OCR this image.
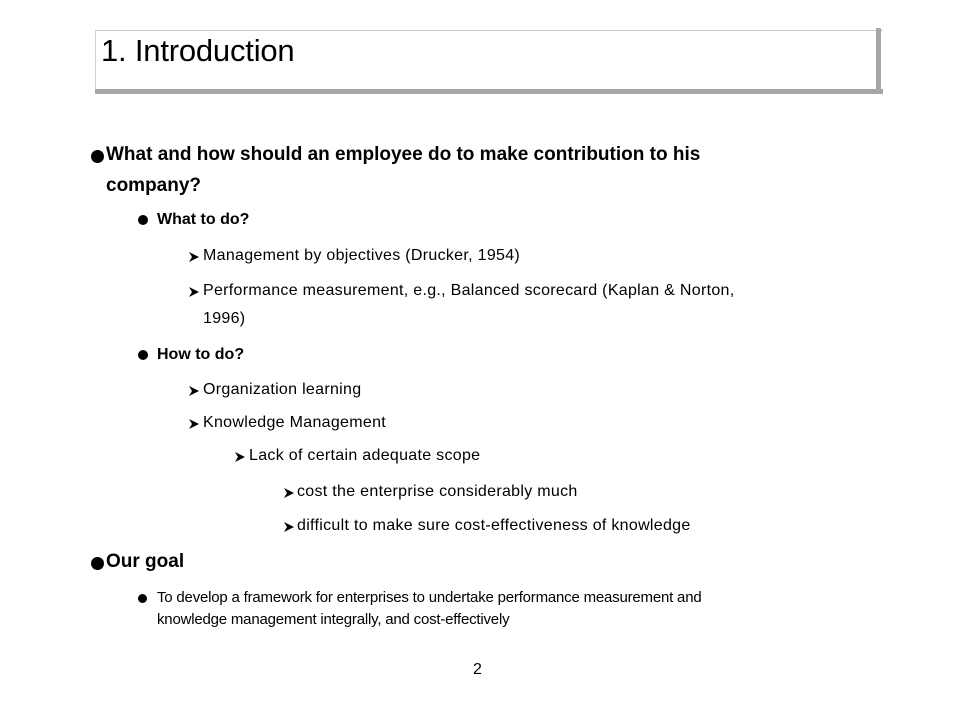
1. Introduction
What and how should an employee do to make contribution to his
company?
What to do?
Management by objectives (Drucker, 1954)
Performance measurement, e.g., Balanced scorecard (Kaplan & Norton,
1996)
How to do?
Organization learning
Knowledge Management
Lack of certain adequate scope
cost the enterprise considerably much
difficult to make sure cost-effectiveness of knowledge
Our goal
To develop a framework for enterprises to undertake performance measurement and
knowledge management integrally, and cost-effectively
2
